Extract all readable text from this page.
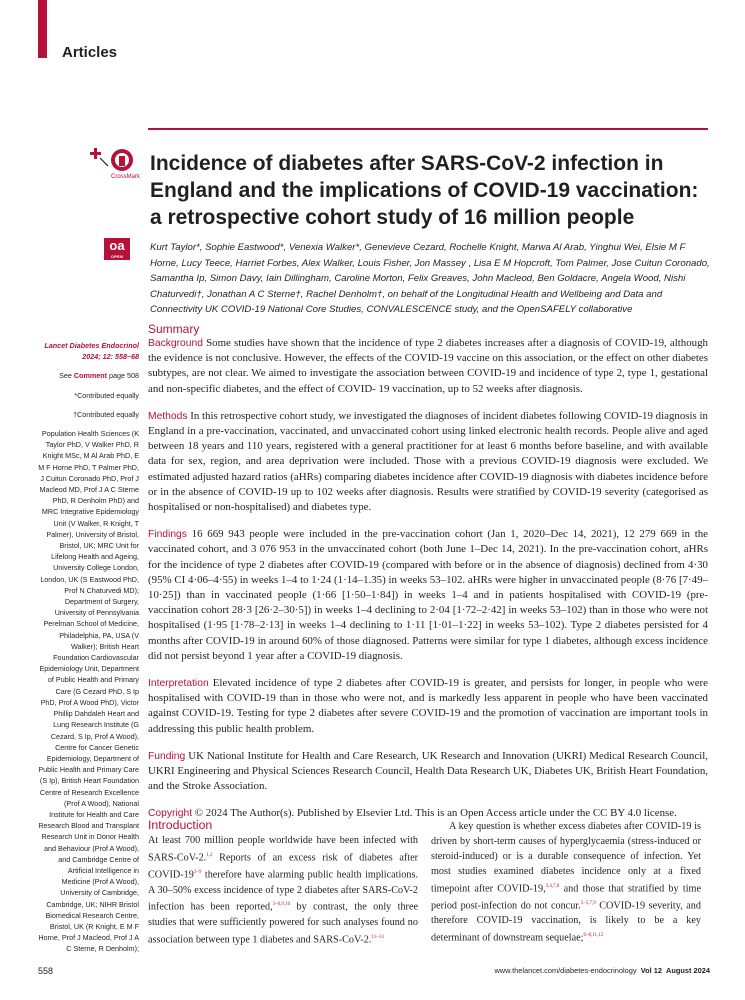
Articles
CrossMark
Incidence of diabetes after SARS-CoV-2 infection in England and the implications of COVID-19 vaccination: a retrospective cohort study of 16 million people
oa
OPEN ACCESS
Kurt Taylor*, Sophie Eastwood*, Venexia Walker*, Genevieve Cezard, Rochelle Knight, Marwa Al Arab, Yinghui Wei, Elsie M F Horne, Lucy Teece, Harriet Forbes, Alex Walker, Louis Fisher, Jon Massey , Lisa E M Hopcroft, Tom Palmer, Jose Cuitun Coronado, Samantha Ip, Simon Davy, Iain Dillingham, Caroline Morton, Felix Greaves, John Macleod, Ben Goldacre, Angela Wood, Nishi Chaturvedi†, Jonathan A C Sterne†, Rachel Denholm†, on behalf of the Longitudinal Health and Wellbeing and Data and Connectivity UK COVID-19 National Core Studies, CONVALESCENCE study, and the OpenSAFELY collaborative
Lancet Diabetes Endocrinol
2024; 12: 558–68
See Comment page 508
*Contributed equally
†Contributed equally
Population Health Sciences (K Taylor PhD, V Walker PhD, R Knight MSc, M Al Arab PhD, E M F Horne PhD, T Palmer PhD, J Cuitun Coronado PhD, Prof J Macleod MD, Prof J A C Sterne PhD, R Denholm PhD) and MRC Integrative Epidemiology Unit (V Walker, R Knight, T Palmer), University of Bristol, Bristol, UK; MRC Unit for Lifelong Health and Ageing, University College London, London, UK (S Eastwood PhD, Prof N Chaturvedi MD); Department of Surgery, University of Pennsylvania Perelman School of Medicine, Philadelphia, PA, USA (V Walker); British Heart Foundation Cardiovascular Epidemiology Unit, Department of Public Health and Primary Care (G Cezard PhD, S Ip PhD, Prof A Wood PhD), Victor Phillip Dahdaleh Heart and Lung Research Institute (G Cezard, S Ip, Prof A Wood), Centre for Cancer Genetic Epidemiology, Department of Public Health and Primary Care (S Ip), British Heart Foundation Centre of Research Excellence (Prof A Wood), National Institute for Health and Care Research Blood and Transplant Research Unit in Donor Health and Behaviour (Prof A Wood), and Cambridge Centre of Artificial Intelligence in Medicine (Prof A Wood), University of Cambridge, Cambridge, UK; NIHR Bristol Biomedical Research Centre, Bristol, UK (R Knight, E M F Horne, Prof J Macleod, Prof J A C Sterne, R Denholm);
Summary

Background Some studies have shown that the incidence of type 2 diabetes increases after a diagnosis of COVID-19, although the evidence is not conclusive. However, the effects of the COVID-19 vaccine on this association, or the effect on other diabetes subtypes, are not clear. We aimed to investigate the association between COVID-19 and incidence of type 2, type 1, gestational and non-specific diabetes, and the effect of COVID- 19 vaccination, up to 52 weeks after diagnosis.

Methods In this retrospective cohort study, we investigated the diagnoses of incident diabetes following COVID-19 diagnosis in England in a pre-vaccination, vaccinated, and unvaccinated cohort using linked electronic health records. People alive and aged between 18 years and 110 years, registered with a general practitioner for at least 6 months before baseline, and with available data for sex, region, and area deprivation were included. Those with a previous COVID-19 diagnosis were excluded. We estimated adjusted hazard ratios (aHRs) comparing diabetes incidence after COVID-19 diagnosis with diabetes incidence before or in the absence of COVID-19 up to 102 weeks after diagnosis. Results were stratified by COVID-19 severity (categorised as hospitalised or non-hospitalised) and diabetes type.

Findings 16 669 943 people were included in the pre-vaccination cohort (Jan 1, 2020–Dec 14, 2021), 12 279 669 in the vaccinated cohort, and 3 076 953 in the unvaccinated cohort (both June 1–Dec 14, 2021). In the pre-vaccination cohort, aHRs for the incidence of type 2 diabetes after COVID-19 (compared with before or in the absence of diagnosis) declined from 4·30 (95% CI 4·06–4·55) in weeks 1–4 to 1·24 (1·14–1.35) in weeks 53–102. aHRs were higher in unvaccinated people (8·76 [7·49–10·25]) than in vaccinated people (1·66 [1·50–1·84]) in weeks 1–4 and in patients hospitalised with COVID-19 (pre-vaccination cohort 28·3 [26·2–30·5]) in weeks 1–4 declining to 2·04 [1·72–2·42] in weeks 53–102) than in those who were not hospitalised (1·95 [1·78–2·13] in weeks 1–4 declining to 1·11 [1·01–1·22] in weeks 53–102). Type 2 diabetes persisted for 4 months after COVID-19 in around 60% of those diagnosed. Patterns were similar for type 1 diabetes, although excess incidence did not persist beyond 1 year after a COVID-19 diagnosis.

Interpretation Elevated incidence of type 2 diabetes after COVID-19 is greater, and persists for longer, in people who were hospitalised with COVID-19 than in those who were not, and is markedly less apparent in people who have been vaccinated against COVID-19. Testing for type 2 diabetes after severe COVID-19 and the promotion of vaccination are important tools in addressing this public health problem.

Funding UK National Institute for Health and Care Research, UK Research and Innovation (UKRI) Medical Research Council, UKRI Engineering and Physical Sciences Research Council, Health Data Research UK, Diabetes UK, British Heart Foundation, and the Stroke Association.

Copyright © 2024 The Author(s). Published by Elsevier Ltd. This is an Open Access article under the CC BY 4.0 license.

Introduction
At least 700 million people worldwide have been infected with SARS-CoV-2.$^{1,2}$ Reports of an excess risk of diabetes after COVID-19$^{3-9}$ therefore have alarming public health implications. A 30–50% excess incidence of type 2 diabetes after SARS-CoV-2 infection has been reported,$^{3-6,9,10}$ by contrast, the only three studies that were sufficiently powered for such analyses found no association between type 1 diabetes and SARS-CoV-2.$^{11-13}$
A key question is whether excess diabetes after COVID-19 is driven by short-term causes of hyperglycaemia (stress-induced or steroid-induced) or is a durable consequence of infection. Yet most studies examined diabetes incidence only at a fixed timepoint after COVID-19,$^{3,4,7,8}$ and those that stratified by time period post-infection do not concur.$^{5-5,7,9}$ COVID-19 severity, and therefore COVID-19 vaccination, is likely to be a key determinant of downstream sequelae;$^{6-8,11,12}$
558	www.thelancet.com/diabetes-endocrinology Vol 12 August 2024
